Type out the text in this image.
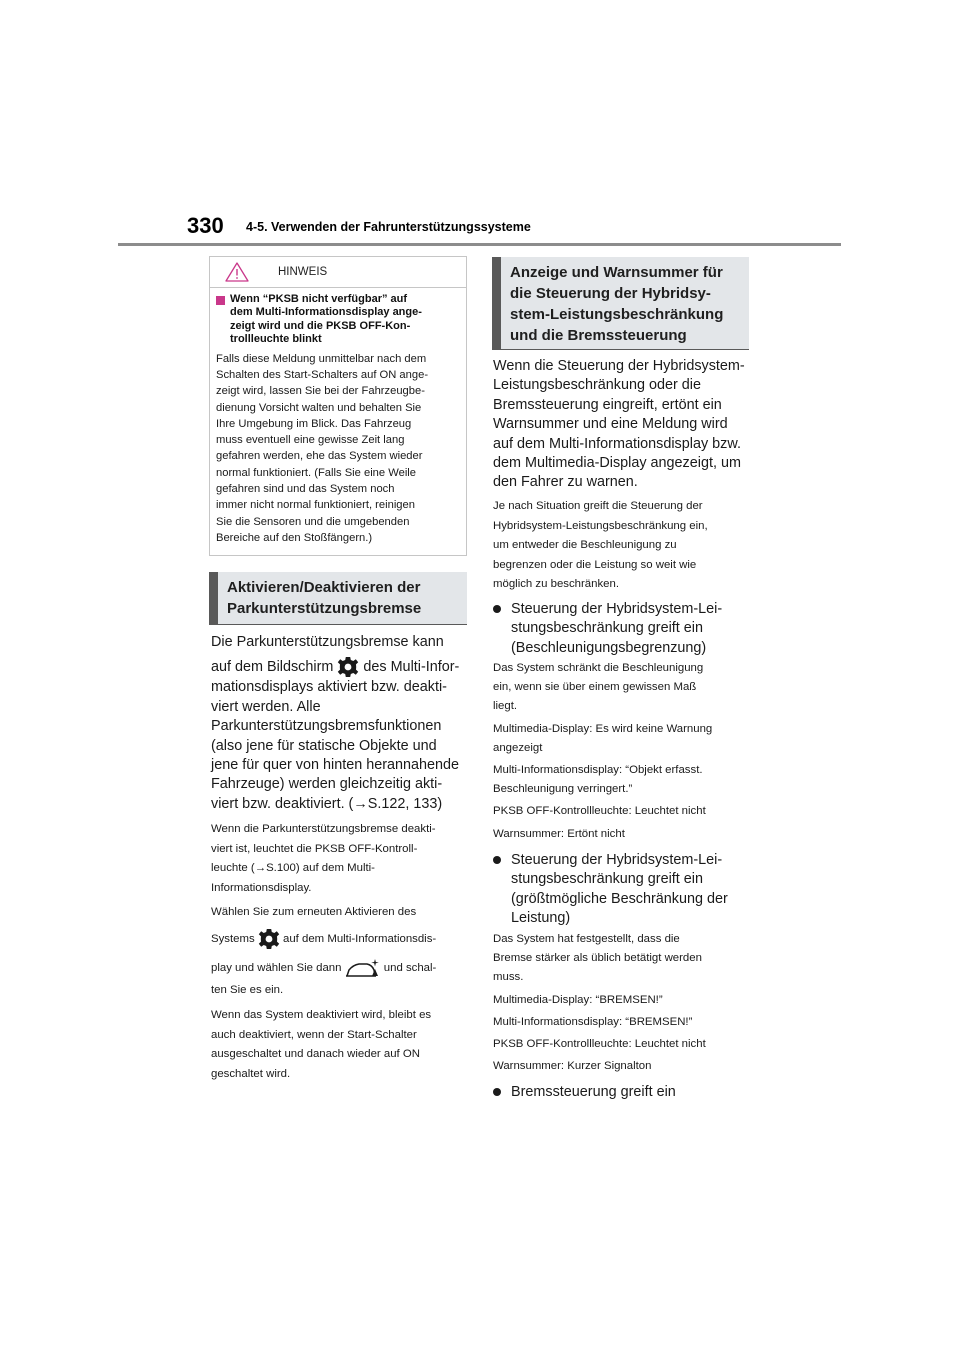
330 4-5. Verwenden der Fahrunterstützungssysteme
HINWEIS
Wenn “PKSB nicht verfügbar” auf
dem Multi-Informationsdisplay ange-
zeigt wird und die PKSB OFF-Kon-
trollleuchte blinkt
Falls diese Meldung unmittelbar nach dem
Schalten des Start-Schalters auf ON ange-
zeigt wird, lassen Sie bei der Fahrzeugbe-
dienung Vorsicht walten und behalten Sie
Ihre Umgebung im Blick. Das Fahrzeug
muss eventuell eine gewisse Zeit lang
gefahren werden, ehe das System wieder
normal funktioniert. (Falls Sie eine Weile
gefahren sind und das System noch
immer nicht normal funktioniert, reinigen
Sie die Sensoren und die umgebenden
Bereiche auf den Stoßfängern.)
Aktivieren/Deaktivieren der
Parkunterstützungsbremse
Die Parkunterstützungsbremse kann
auf dem Bildschirm  des Multi-Infor-
mationsdisplays aktiviert bzw. deakti-
viert werden. Alle
Parkunterstützungsbremsfunktionen
(also jene für statische Objekte und
jene für quer von hinten herannahende
Fahrzeuge) werden gleichzeitig akti-
viert bzw. deaktiviert. (→S.122, 133)
Wenn die Parkunterstützungsbremse deakti-
viert ist, leuchtet die PKSB OFF-Kontroll-
leuchte (→S.100) auf dem Multi-
Informationsdisplay.
Wählen Sie zum erneuten Aktivieren des
Systems  auf dem Multi-Informationsdis-
play und wählen Sie dann	und schal-
ten Sie es ein.
Wenn das System deaktiviert wird, bleibt es
auch deaktiviert, wenn der Start-Schalter
ausgeschaltet und danach wieder auf ON
geschaltet wird.
Anzeige und Warnsummer für
die Steuerung der Hybridsy-
stem-Leistungsbeschränkung
und die Bremssteuerung
Wenn die Steuerung der Hybridsystem-
Leistungsbeschränkung oder die
Bremssteuerung eingreift, ertönt ein
Warnsummer und eine Meldung wird
auf dem Multi-Informationsdisplay bzw.
dem Multimedia-Display angezeigt, um
den Fahrer zu warnen.
Je nach Situation greift die Steuerung der
Hybridsystem-Leistungsbeschränkung ein,
um entweder die Beschleunigung zu
begrenzen oder die Leistung so weit wie
möglich zu beschränken.
Steuerung der Hybridsystem-Lei-
stungsbeschränkung greift ein
(Beschleunigungsbegrenzung)
Das System schränkt die Beschleunigung
ein, wenn sie über einem gewissen Maß
liegt.
Multimedia-Display: Es wird keine Warnung
angezeigt
Multi-Informationsdisplay: “Objekt erfasst.
Beschleunigung verringert.”
PKSB OFF-Kontrollleuchte: Leuchtet nicht
Warnsummer: Ertönt nicht
Steuerung der Hybridsystem-Lei-
stungsbeschränkung greift ein
(größtmögliche Beschränkung der
Leistung)
Das System hat festgestellt, dass die
Bremse stärker als üblich betätigt werden
muss.
Multimedia-Display: “BREMSEN!”
Multi-Informationsdisplay: “BREMSEN!”
PKSB OFF-Kontrollleuchte: Leuchtet nicht
Warnsummer: Kurzer Signalton
Bremssteuerung greift ein
